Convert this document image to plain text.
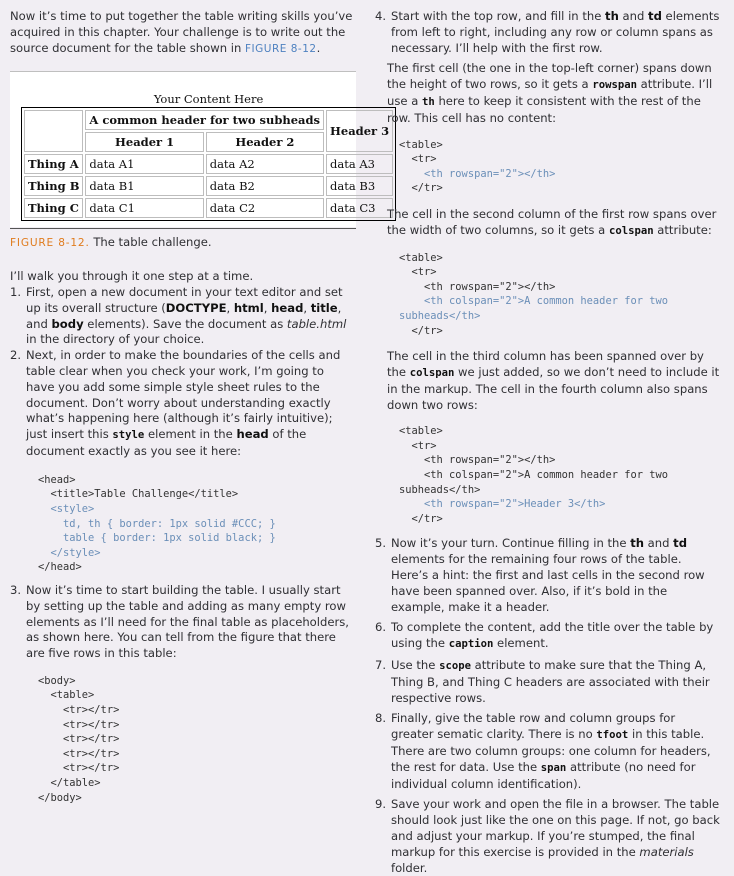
Now it’s time to put together the table writing skills you’ve acquired in this chapter. Your challenge is to write out the source document for the table shown in FIGURE 8-12.

Your Content Here
	A common header for two subheads		Header 3
	Header 1	Header 2	
Thing A	data A1	data A2	data A3
Thing B	data B1	data B2	data B3
Thing C	data C1	data C2	data C3

FIGURE 8-12. The table challenge.

I’ll walk you through it one step at a time.

1. First, open a new document in your text editor and set up its overall structure (DOCTYPE, html, head, title, and body elements). Save the document as table.html in the directory of your choice.
2. Next, in order to make the boundaries of the cells and table clear when you check your work, I’m going to have you add some simple style sheet rules to the document. Don’t worry about understanding exactly what’s happening here (although it’s fairly intuitive); just insert this style element in the head of the document exactly as you see it here:
<head>
<title>Table Challenge</title>
<style>
td, th { border: 1px solid #CCC; }
table { border: 1px solid black; }
</style>
</head>
3. Now it’s time to start building the table. I usually start by setting up the table and adding as many empty row elements as I’ll need for the final table as placeholders, as shown here. You can tell from the figure that there are five rows in this table:
<body>
<table>
<tr></tr>
<tr></tr>
<tr></tr>
<tr></tr>
<tr></tr>
</table>
</body>
4. Start with the top row, and fill in the th and td elements from left to right, including any row or column spans as necessary. I’ll help with the first row.

The first cell (the one in the top-left corner) spans down the height of two rows, so it gets a rowspan attribute. I’ll use a th here to keep it consistent with the rest of the row. This cell has no content:

<table>
<tr>
<th rowspan="2"></th>
</tr>

The cell in the second column of the first row spans over the width of two columns, so it gets a colspan attribute:

<table>
<tr>
<th rowspan="2"></th>
<th colspan="2">A common header for two
subheads</th>
</tr>

The cell in the third column has been spanned over by the colspan we just added, so we don’t need to include it in the markup. The cell in the fourth column also spans down two rows:

<table>
<tr>
<th rowspan="2"></th>
<th colspan="2">A common header for two
subheads</th>
<th rowspan="2">Header 3</th>
</tr>
5. Now it’s your turn. Continue filling in the th and td elements for the remaining four rows of the table. Here’s a hint: the first and last cells in the second row have been spanned over. Also, if it’s bold in the example, make it a header.
6. To complete the content, add the title over the table by using the caption element.
7. Use the scope attribute to make sure that the Thing A, Thing B, and Thing C headers are associated with their respective rows.
8. Finally, give the table row and column groups for greater sematic clarity. There is no tfoot in this table. There are two column groups: one column for headers, the rest for data. Use the span attribute (no need for individual column identification).
9. Save your work and open the file in a browser. The table should look just like the one on this page. If not, go back and adjust your markup. If you’re stumped, the final markup for this exercise is provided in the materials folder.
